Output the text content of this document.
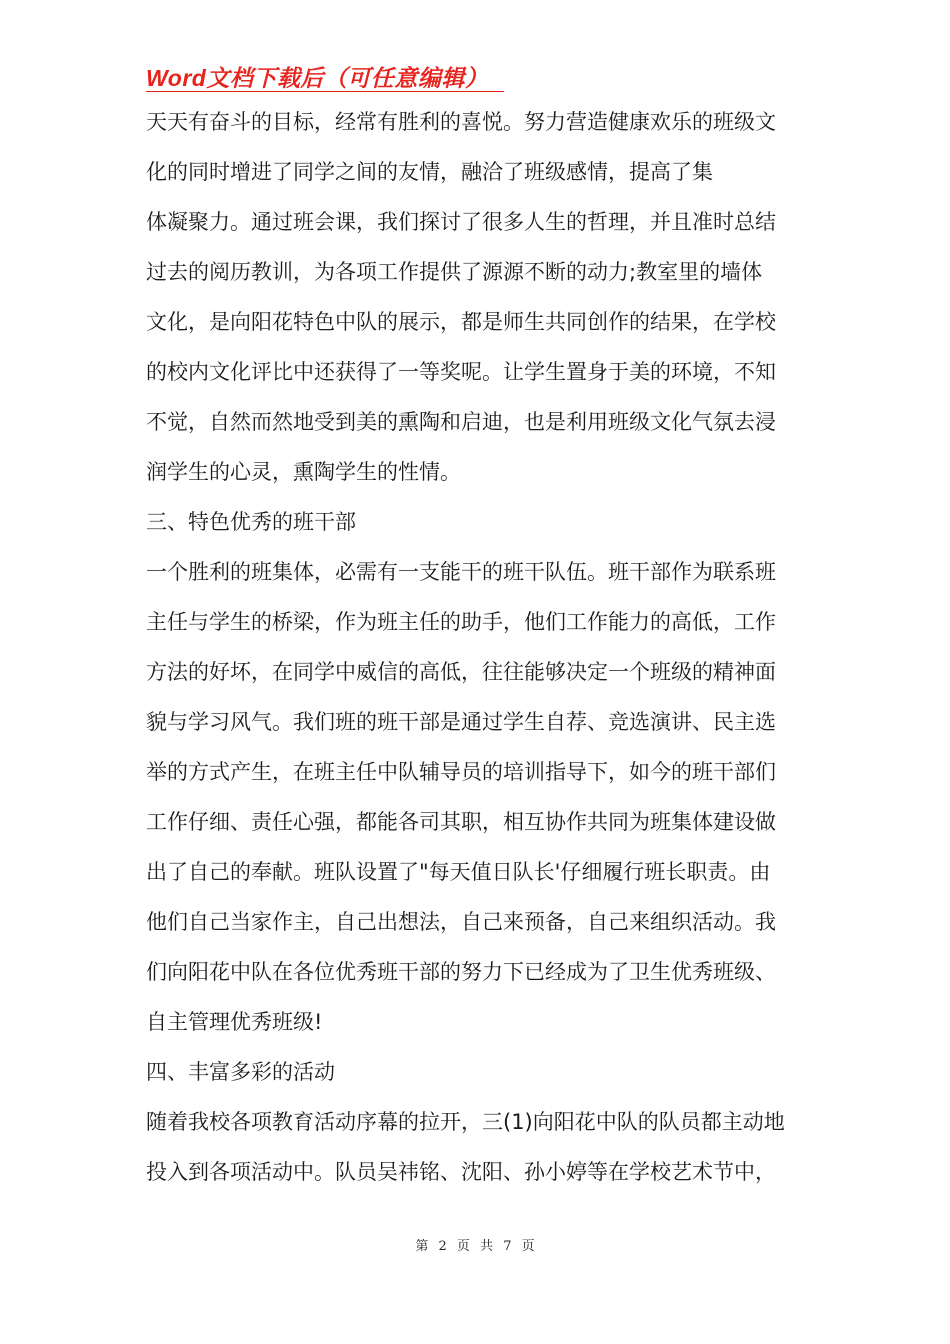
Word文档下载后（可任意编辑）
天天有奋斗的目标，经常有胜利的喜悦。努力营造健康欢乐的班级文
化的同时增进了同学之间的友情，融洽了班级感情，提高了集
体凝聚力。通过班会课，我们探讨了很多人生的哲理，并且准时总结
过去的阅历教训，为各项工作提供了源源不断的动力;教室里的墙体
文化，是向阳花特色中队的展示，都是师生共同创作的结果，在学校
的校内文化评比中还获得了一等奖呢。让学生置身于美的环境，不知
不觉，自然而然地受到美的熏陶和启迪，也是利用班级文化气氛去浸
润学生的心灵，熏陶学生的性情。
三、特色优秀的班干部
一个胜利的班集体，必需有一支能干的班干队伍。班干部作为联系班
主任与学生的桥梁，作为班主任的助手，他们工作能力的高低，工作
方法的好坏，在同学中威信的高低，往往能够决定一个班级的精神面
貌与学习风气。我们班的班干部是通过学生自荐、竞选演讲、民主选
举的方式产生，在班主任中队辅导员的培训指导下，如今的班干部们
工作仔细、责任心强，都能各司其职，相互协作共同为班集体建设做
出了自己的奉献。班队设置了"每天值日队长'仔细履行班长职责。由
他们自己当家作主，自己出想法，自己来预备，自己来组织活动。我
们向阳花中队在各位优秀班干部的努力下已经成为了卫生优秀班级、
自主管理优秀班级!
四、丰富多彩的活动
随着我校各项教育活动序幕的拉开，三(1)向阳花中队的队员都主动地
投入到各项活动中。队员吴祎铭、沈阳、孙小婷等在学校艺术节中，
第 2 页 共 7 页
